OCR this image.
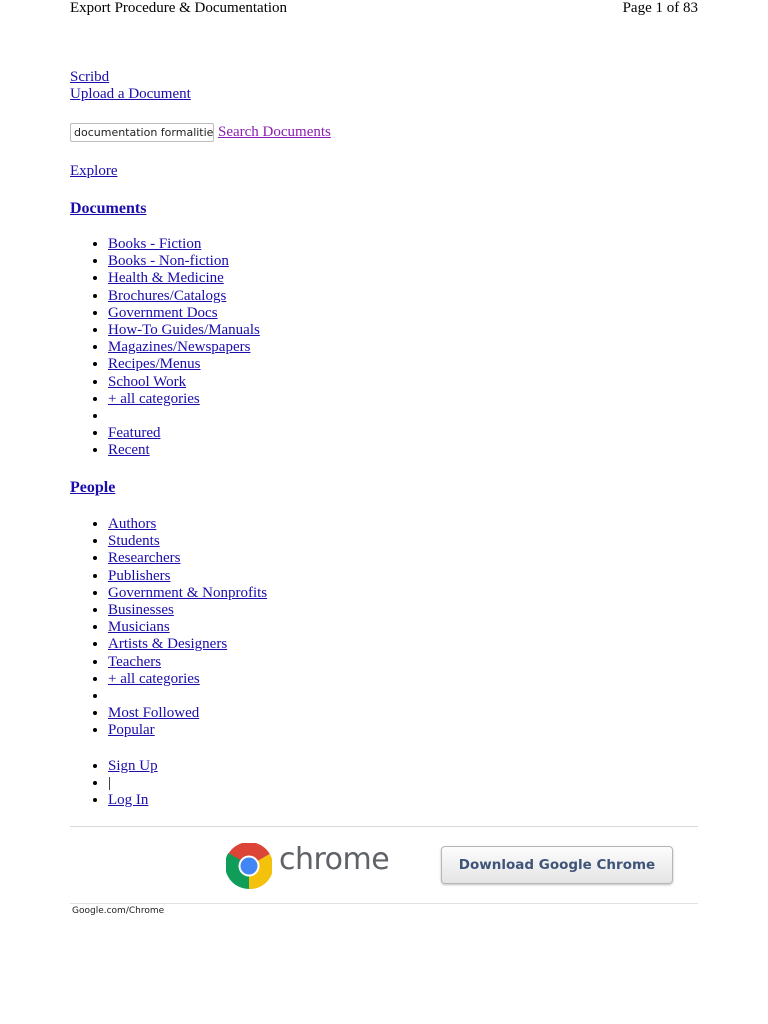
Export Procedure & Documentation	Page 1 of 83
Scribd
Upload a Document
documentation formalities
Search Documents
Explore
Documents
• Books - Fiction
• Books - Non-fiction
• Health & Medicine
• Brochures/Catalogs
• Government Docs
• How-To Guides/Manuals
• Magazines/Newspapers
• Recipes/Menus
• School Work
• + all categories
•
• Featured
• Recent
People
• Authors
• Students
• Researchers
• Publishers
• Government & Nonprofits
• Businesses
• Musicians
• Artists & Designers
• Teachers
• + all categories
•
• Most Followed
• Popular
• Sign Up
• |
• Log In
chrome	Download Google Chrome
Google.com/Chrome
